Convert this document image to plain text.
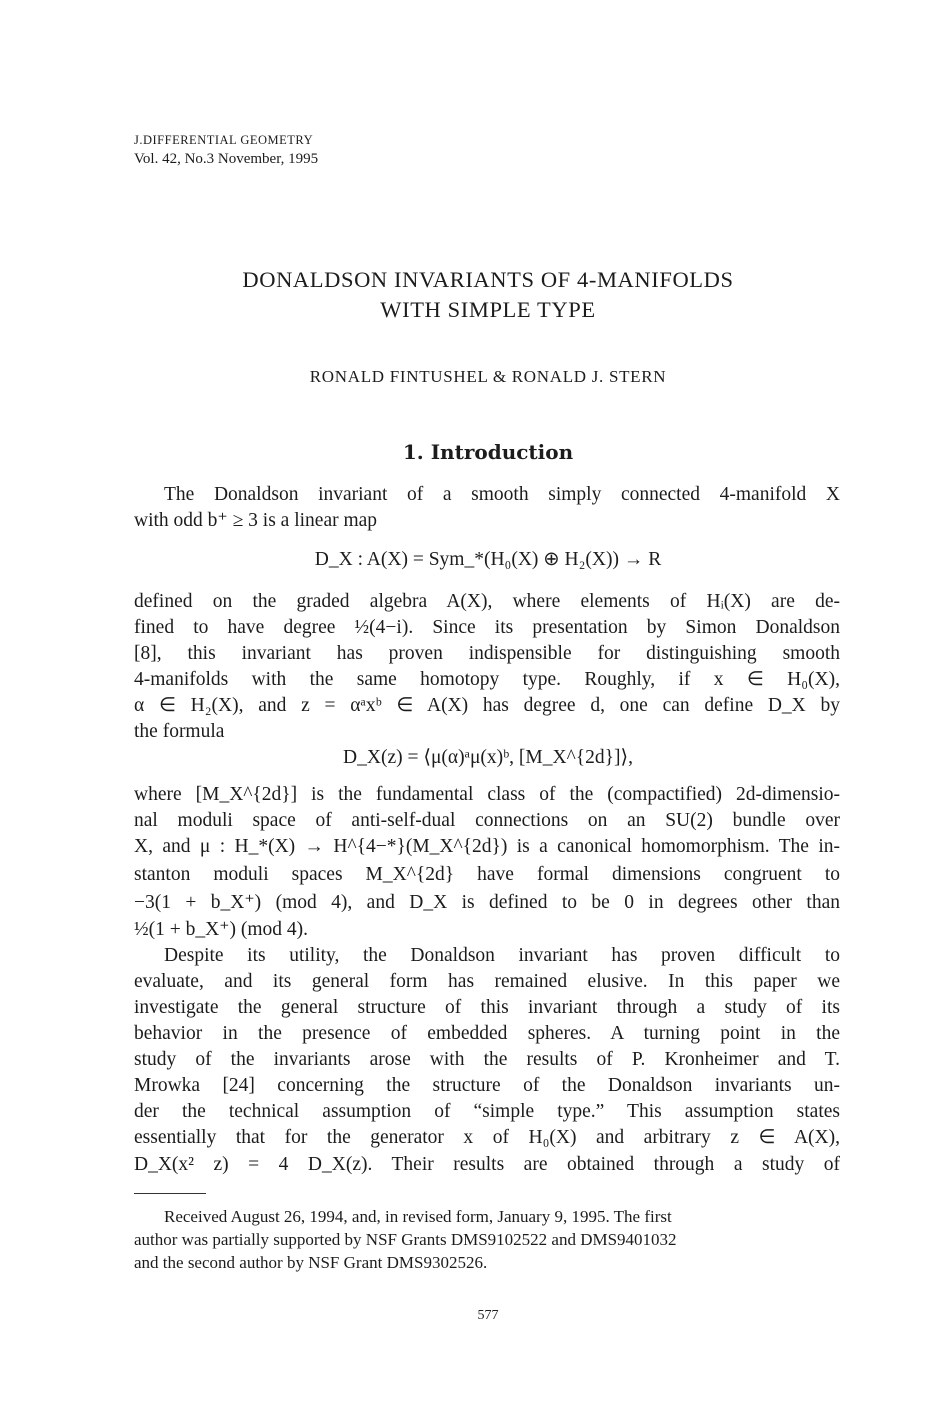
J.DIFFERENTIAL GEOMETRY
Vol. 42, No.3 November, 1995
DONALDSON INVARIANTS OF 4-MANIFOLDS
WITH SIMPLE TYPE
RONALD FINTUSHEL & RONALD J. STERN
1. Introduction
The Donaldson invariant of a smooth simply connected 4-manifold X
with odd b⁺ ≥ 3 is a linear map
D_X : A(X) = Sym_*(H₀(X) ⊕ H₂(X)) → R
defined on the graded algebra A(X), where elements of Hᵢ(X) are de-
fined to have degree ½(4−i). Since its presentation by Simon Donaldson
[8], this invariant has proven indispensible for distinguishing smooth
4-manifolds with the same homotopy type. Roughly, if x ∈ H₀(X),
α ∈ H₂(X), and z = αᵃxᵇ ∈ A(X) has degree d, one can define D_X by
the formula
D_X(z) = ⟨μ(α)ᵃμ(x)ᵇ, [M_X^{2d}]⟩,
where [M_X^{2d}] is the fundamental class of the (compactified) 2d-dimensio-
nal moduli space of anti-self-dual connections on an SU(2) bundle over
X, and μ : H_*(X) → H^{4−*}(M_X^{2d}) is a canonical homomorphism. The in-
stanton moduli spaces M_X^{2d} have formal dimensions congruent to
−3(1 + b_X⁺) (mod 4), and D_X is defined to be 0 in degrees other than
½(1 + b_X⁺) (mod 4).
Despite its utility, the Donaldson invariant has proven difficult to
evaluate, and its general form has remained elusive. In this paper we
investigate the general structure of this invariant through a study of its
behavior in the presence of embedded spheres. A turning point in the
study of the invariants arose with the results of P. Kronheimer and T.
Mrowka [24] concerning the structure of the Donaldson invariants un-
der the technical assumption of “simple type.” This assumption states
essentially that for the generator x of H₀(X) and arbitrary z ∈ A(X),
D_X(x² z) = 4 D_X(z). Their results are obtained through a study of
Received August 26, 1994, and, in revised form, January 9, 1995. The first
author was partially supported by NSF Grants DMS9102522 and DMS9401032
and the second author by NSF Grant DMS9302526.
577
